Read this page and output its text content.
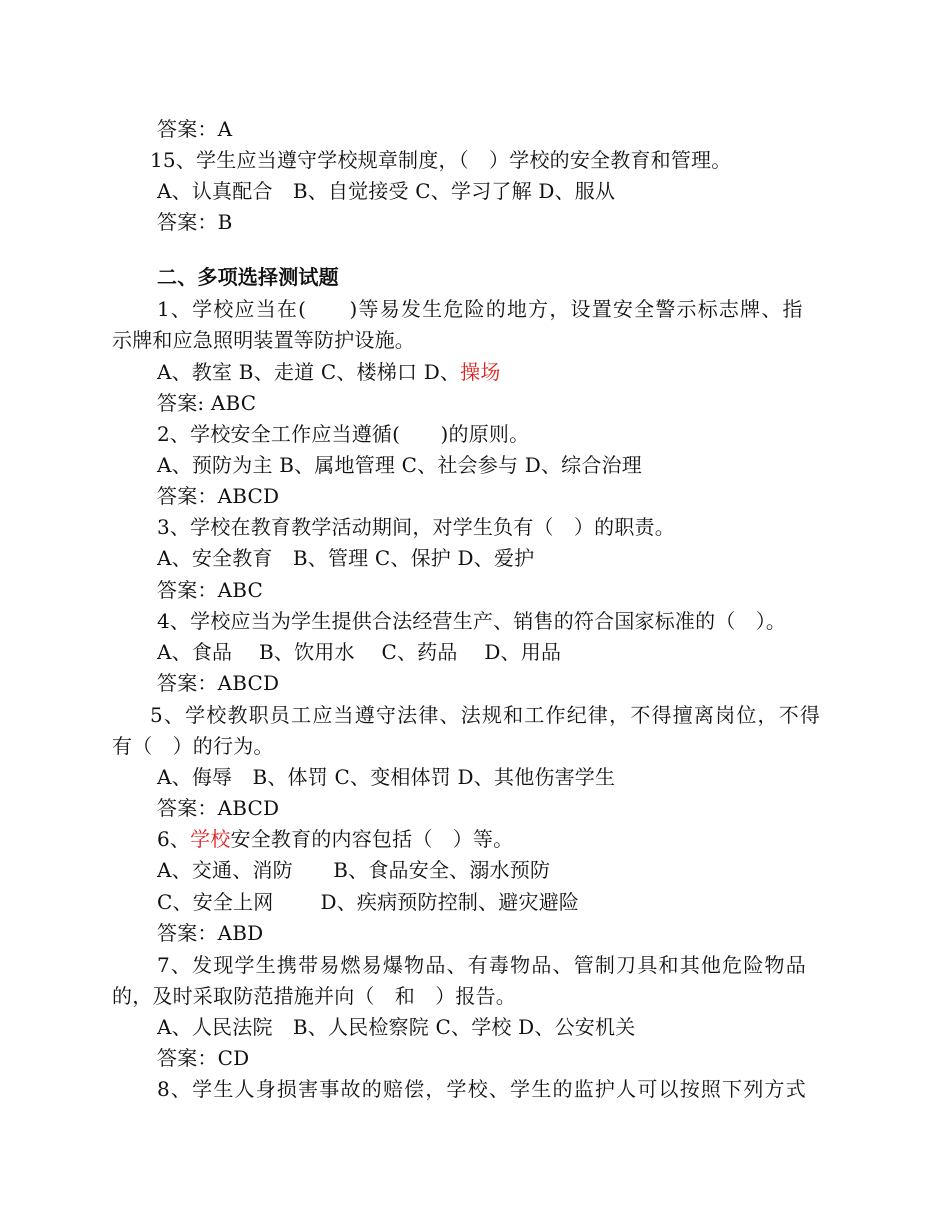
答案：A
15、学生应当遵守学校规章制度，（　）学校的安全教育和管理。
A、认真配合　B、自觉接受 C、学习了解 D、服从
答案：B
二、多项选择测试题
1、学校应当在(　　)等易发生危险的地方，设置安全警示标志牌、指
示牌和应急照明装置等防护设施。
A、教室 B、走道 C、楼梯口 D、操场
答案: ABC
2、学校安全工作应当遵循(　　)的原则。
A、预防为主 B、属地管理 C、社会参与 D、综合治理
答案：ABCD
3、学校在教育教学活动期间，对学生负有（　）的职责。
A、安全教育　B、管理 C、保护 D、爱护
答案：ABC
4、学校应当为学生提供合法经营生产、销售的符合国家标准的（　）。
A、食品　 B、饮用水　 C、药品　 D、用品
答案：ABCD
5、学校教职员工应当遵守法律、法规和工作纪律，不得擅离岗位，不得
有（　）的行为。
A、侮辱　B、体罚 C、变相体罚 D、其他伤害学生
答案：ABCD
6、学校安全教育的内容包括（　）等。
A、交通、消防　　B、食品安全、溺水预防
C、安全上网　　 D、疾病预防控制、避灾避险
答案：ABD
7、发现学生携带易燃易爆物品、有毒物品、管制刀具和其他危险物品
的，及时采取防范措施并向（　和　）报告。
A、人民法院　B、人民检察院 C、学校 D、公安机关
答案：CD
8、学生人身损害事故的赔偿，学校、学生的监护人可以按照下列方式
